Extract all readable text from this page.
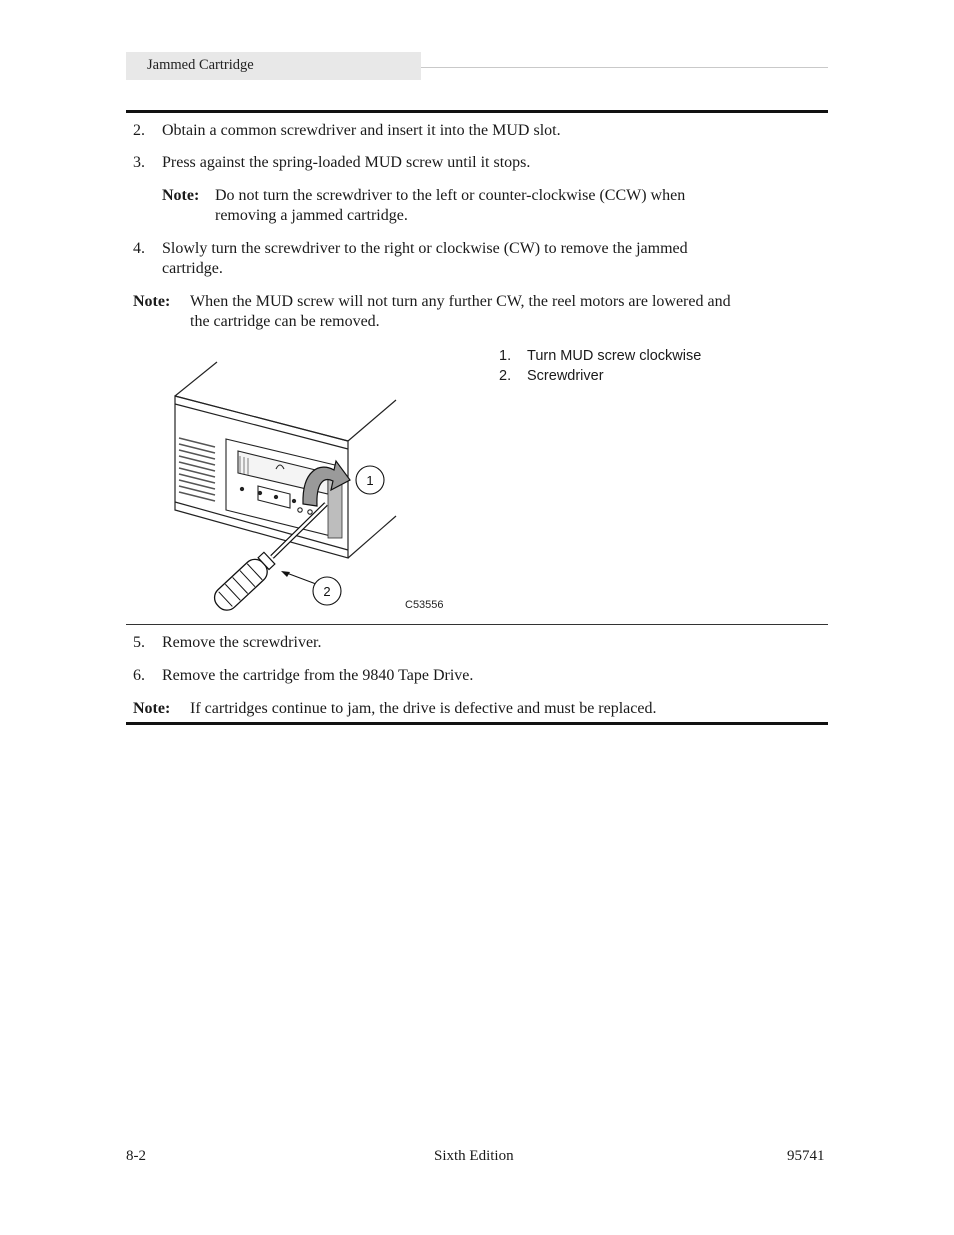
Jammed Cartridge
2. Obtain a common screwdriver and insert it into the MUD slot.
3. Press against the spring-loaded MUD screw until it stops.
Note: Do not turn the screwdriver to the left or counter-clockwise (CCW) when
removing a jammed cartridge.
4. Slowly turn the screwdriver to the right or clockwise (CW) to remove the jammed
cartridge.
Note: When the MUD screw will not turn any further CW, the reel motors are lowered and
the cartridge can be removed.
1.	Turn MUD screw clockwise
2.	Screwdriver
1
2
C53556
5. Remove the screwdriver.
6. Remove the cartridge from the 9840 Tape Drive.
Note: If cartridges continue to jam, the drive is defective and must be replaced.
8-2	Sixth Edition	95741
